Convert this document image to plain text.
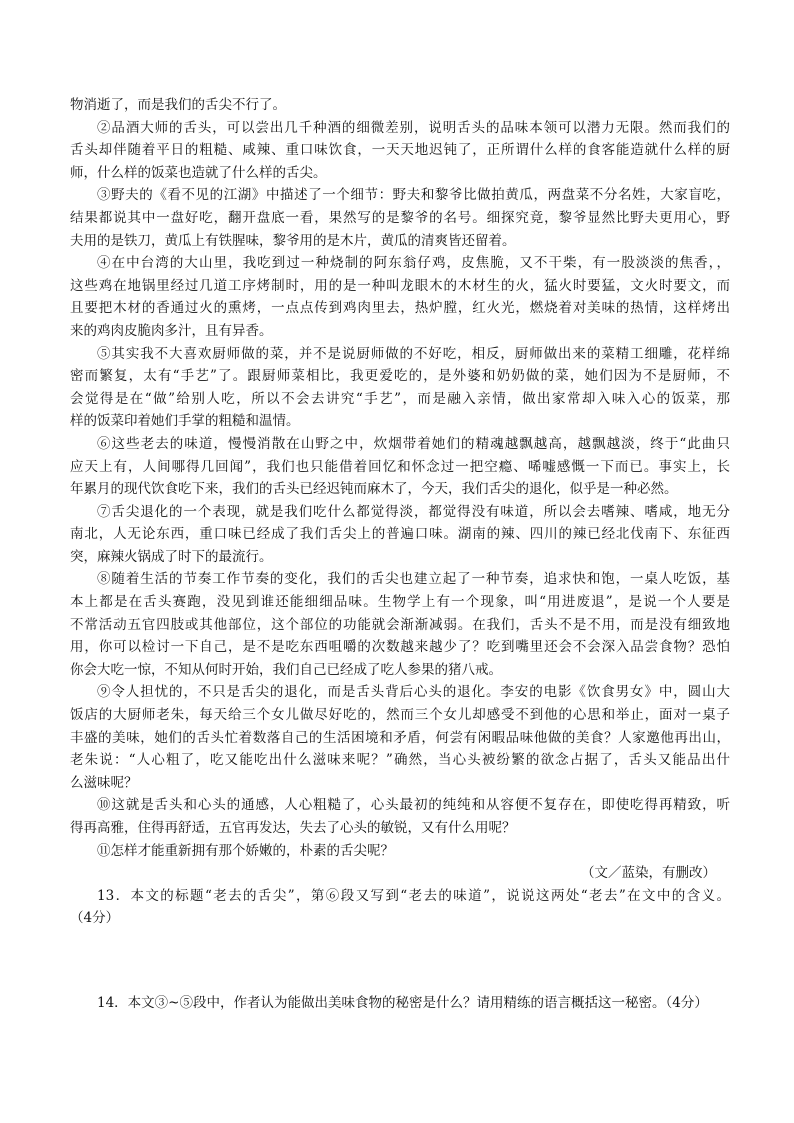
物消逝了，而是我们的舌尖不行了。
②品酒大师的舌头，可以尝出几千种酒的细微差别，说明舌头的品味本领可以潜力无限。然而我们的
舌头却伴随着平日的粗糙、咸辣、重口味饮食，一天天地迟钝了，正所谓什么样的食客能造就什么样的厨
师，什么样的饭菜也造就了什么样的舌尖。
③野夫的《看不见的江湖》中描述了一个细节：野夫和黎爷比做拍黄瓜，两盘菜不分名姓，大家盲吃，
结果都说其中一盘好吃，翻开盘底一看，果然写的是黎爷的名号。细探究竟，黎爷显然比野夫更用心，野
夫用的是铁刀，黄瓜上有铁腥味，黎爷用的是木片，黄瓜的清爽皆还留着。
④在中台湾的大山里，我吃到过一种烧制的阿东翁仔鸡，皮焦脆，又不干柴，有一股淡淡的焦香，，
这些鸡在地锅里经过几道工序烤制时，用的是一种叫龙眼木的木材生的火，猛火时要猛，文火时要文，而
且要把木材的香通过火的熏烤，一点点传到鸡肉里去，热炉膛，红火光，燃烧着对美味的热情，这样烤出
来的鸡肉皮脆肉多汁，且有异香。
⑤其实我不大喜欢厨师做的菜，并不是说厨师做的不好吃，相反，厨师做出来的菜精工细雕，花样绵
密而繁复，太有“手艺”了。跟厨师菜相比，我更爱吃的，是外婆和奶奶做的菜，她们因为不是厨师，不
会觉得是在“做”给别人吃，所以不会去讲究“手艺”，而是融入亲情，做出家常却入味入心的饭菜，那
样的饭菜印着她们手掌的粗糙和温情。
⑥这些老去的味道，慢慢消散在山野之中，炊烟带着她们的精魂越飘越高，越飘越淡，终于“此曲只
应天上有，人间哪得几回闻”，我们也只能借着回忆和怀念过一把空瘾、唏嘘感慨一下而已。事实上，长
年累月的现代饮食吃下来，我们的舌头已经迟钝而麻木了，今天，我们舌尖的退化，似乎是一种必然。
⑦舌尖退化的一个表现，就是我们吃什么都觉得淡，都觉得没有味道，所以会去嗜辣、嗜咸，地无分
南北，人无论东西，重口味已经成了我们舌尖上的普遍口味。湖南的辣、四川的辣已经北伐南下、东征西
突，麻辣火锅成了时下的最流行。
⑧随着生活的节奏工作节奏的变化，我们的舌尖也建立起了一种节奏，追求快和饱，一桌人吃饭，基
本上都是在舌头赛跑，没见到谁还能细细品味。生物学上有一个现象，叫“用进废退”，是说一个人要是
不常活动五官四肢或其他部位，这个部位的功能就会渐渐减弱。在我们，舌头不是不用，而是没有细致地
用，你可以检讨一下自己，是不是吃东西咀嚼的次数越来越少了？吃到嘴里还会不会深入品尝食物？恐怕
你会大吃一惊，不知从何时开始，我们自己已经成了吃人参果的猪八戒。
⑨令人担忧的，不只是舌尖的退化，而是舌头背后心头的退化。李安的电影《饮食男女》中，圆山大
饭店的大厨师老朱，每天给三个女儿做尽好吃的，然而三个女儿却感受不到他的心思和举止，面对一桌子
丰盛的美味，她们的舌头忙着数落自己的生活困境和矛盾，何尝有闲暇品味他做的美食？人家邀他再出山，
老朱说：“人心粗了，吃又能吃出什么滋味来呢？”确然，当心头被纷繁的欲念占据了，舌头又能品出什
么滋味呢？
⑩这就是舌头和心头的通感，人心粗糙了，心头最初的纯纯和从容便不复存在，即使吃得再精致，听
得再高雅，住得再舒适，五官再发达，失去了心头的敏锐，又有什么用呢？
⑪怎样才能重新拥有那个娇嫩的，朴素的舌尖呢？
（文／蓝染，有删改）
13．本文的标题“老去的舌尖”，第⑥段又写到“老去的味道”，说说这两处“老去”在文中的含义。
（4分）
14．本文③~⑤段中，作者认为能做出美味食物的秘密是什么？请用精练的语言概括这一秘密。（4分）
